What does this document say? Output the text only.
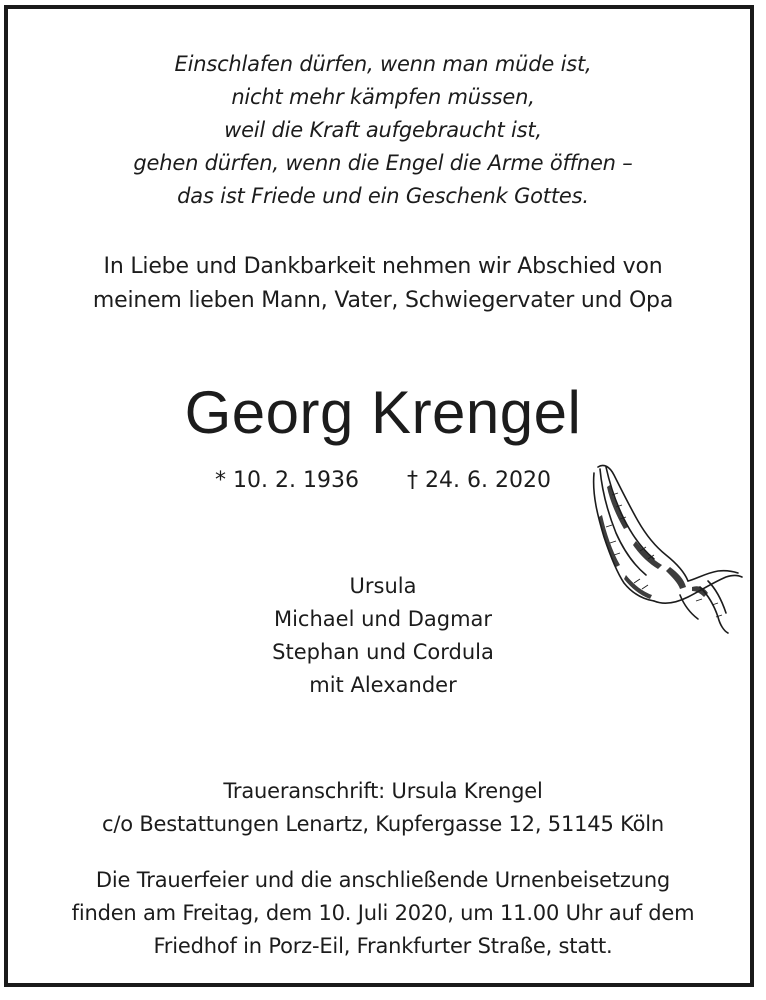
Einschlafen dürfen, wenn man müde ist,
nicht mehr kämpfen müssen,
weil die Kraft aufgebraucht ist,
gehen dürfen, wenn die Engel die Arme öffnen –
das ist Friede und ein Geschenk Gottes.
In Liebe und Dankbarkeit nehmen wir Abschied von
meinem lieben Mann, Vater, Schwiegervater und Opa
Georg Krengel
* 10. 2. 1936 † 24. 6. 2020
Ursula
Michael und Dagmar
Stephan und Cordula
mit Alexander
Traueranschrift: Ursula Krengel
c/o Bestattungen Lenartz, Kupfergasse 12, 51145 Köln
Die Trauerfeier und die anschließende Urnenbeisetzung
finden am Freitag, dem 10. Juli 2020, um 11.00 Uhr auf dem
Friedhof in Porz-Eil, Frankfurter Straße, statt.
